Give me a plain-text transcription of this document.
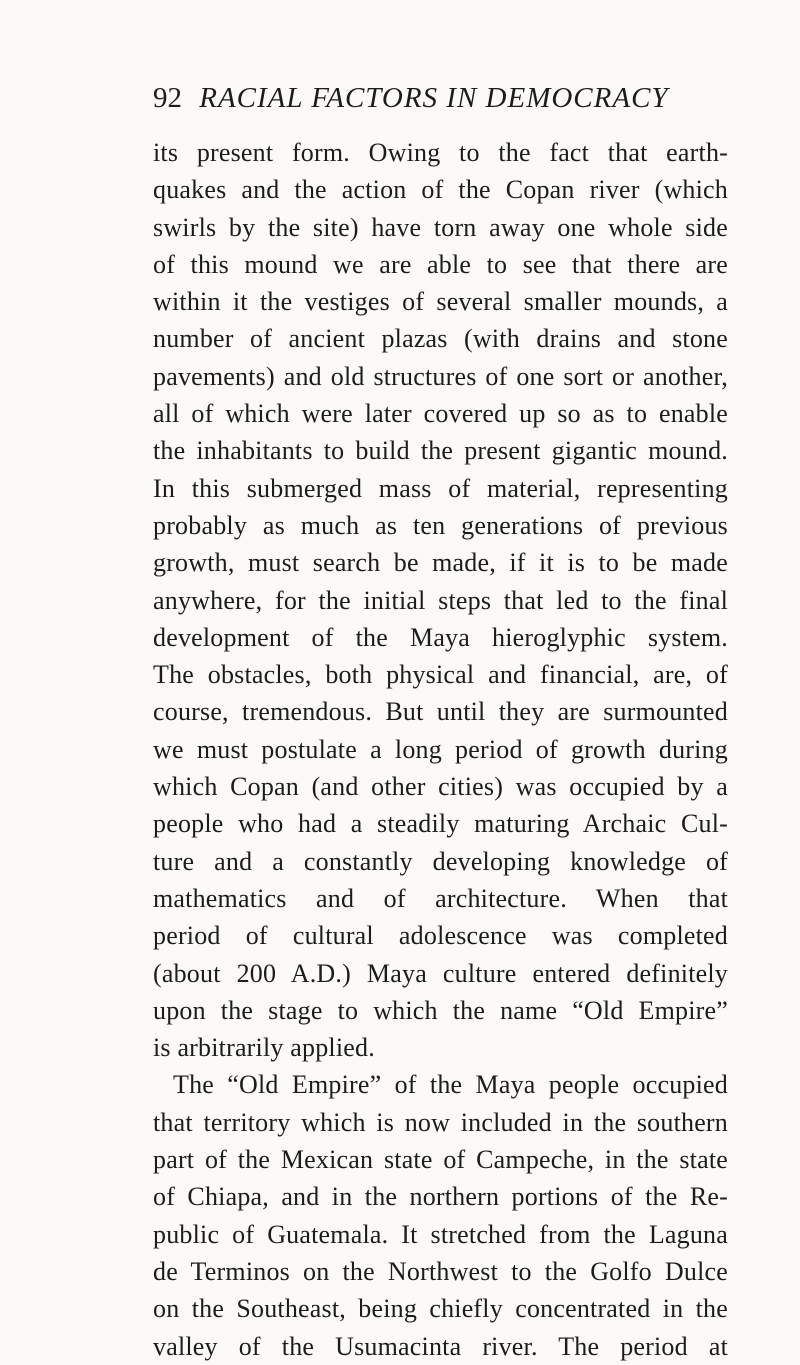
92 RACIAL FACTORS IN DEMOCRACY
its present form. Owing to the fact that earth-
quakes and the action of the Copan river (which
swirls by the site) have torn away one whole side
of this mound we are able to see that there are
within it the vestiges of several smaller mounds, a
number of ancient plazas (with drains and stone
pavements) and old structures of one sort or another,
all of which were later covered up so as to enable
the inhabitants to build the present gigantic mound.
In this submerged mass of material, representing
probably as much as ten generations of previous
growth, must search be made, if it is to be made
anywhere, for the initial steps that led to the final
development of the Maya hieroglyphic system.
The obstacles, both physical and financial, are, of
course, tremendous. But until they are surmounted
we must postulate a long period of growth during
which Copan (and other cities) was occupied by a
people who had a steadily maturing Archaic Cul-
ture and a constantly developing knowledge of
mathematics and of architecture. When that
period of cultural adolescence was completed
(about 200 A.D.) Maya culture entered definitely
upon the stage to which the name “Old Empire”
is arbitrarily applied.
The “Old Empire” of the Maya people occupied
that territory which is now included in the southern
part of the Mexican state of Campeche, in the state
of Chiapa, and in the northern portions of the Re-
public of Guatemala. It stretched from the Laguna
de Terminos on the Northwest to the Golfo Dulce
on the Southeast, being chiefly concentrated in the
valley of the Usumacinta river. The period at
